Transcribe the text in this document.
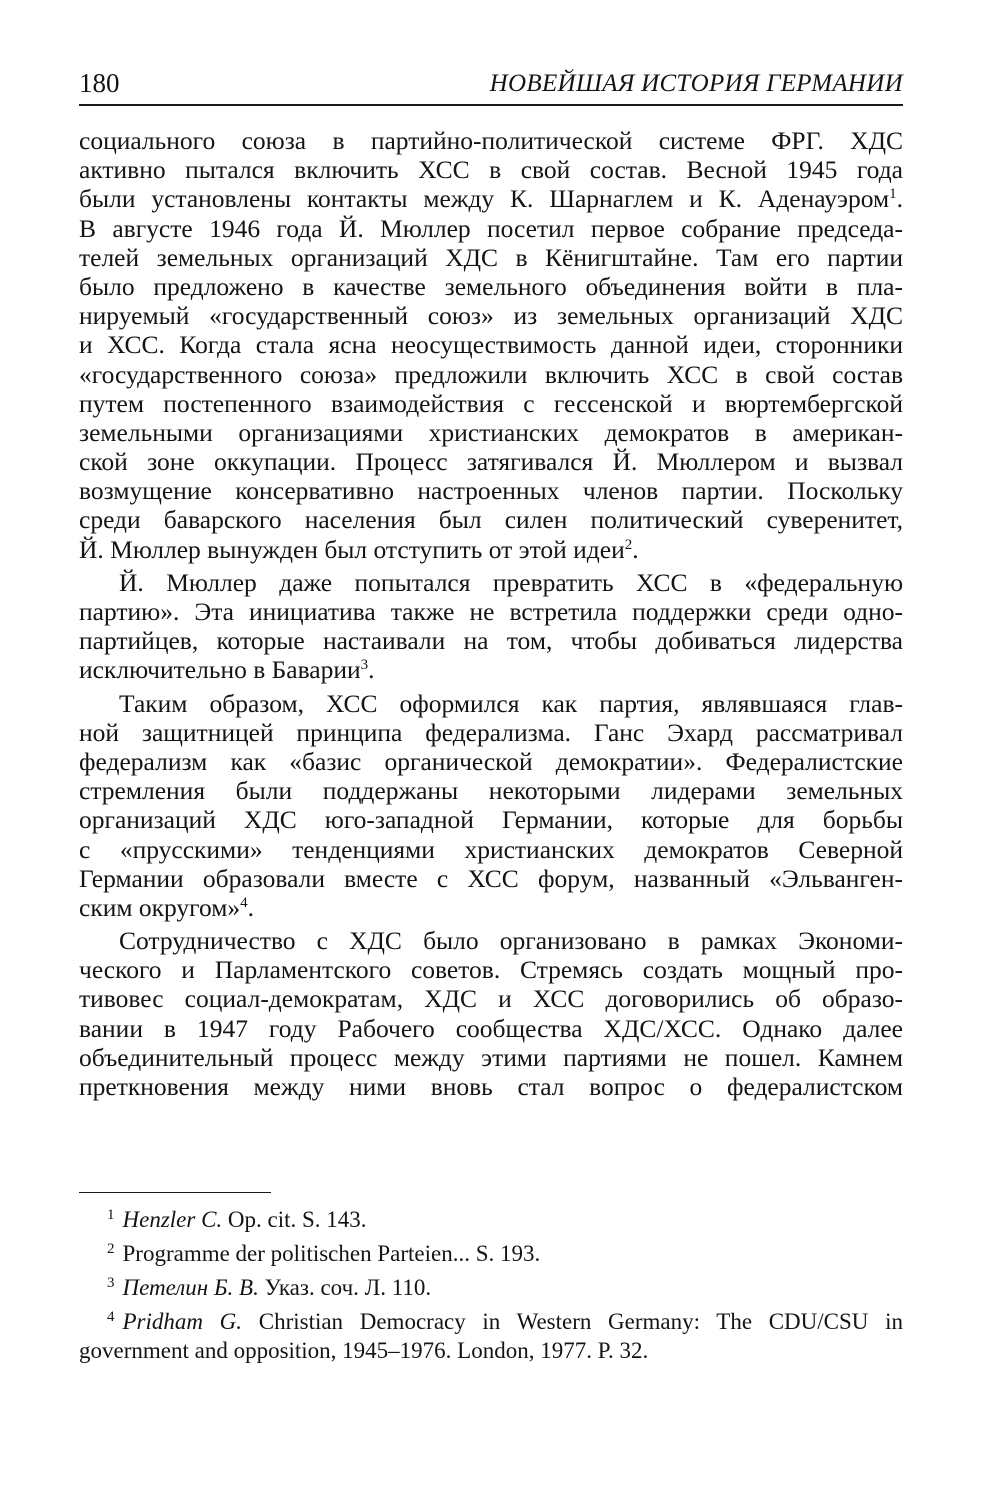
180	НОВЕЙШАЯ ИСТОРИЯ ГЕРМАНИИ
социального союза в партийно-политической системе ФРГ. ХДС
активно пытался включить ХСС в свой состав. Весной 1945 года
были установлены контакты между К. Шарнаглем и К. Аденауэром$^1$.
В августе 1946 года Й. Мюллер посетил первое собрание председа-
телей земельных организаций ХДС в Кёнигштайне. Там его партии
было предложено в качестве земельного объединения войти в пла-
нируемый «государственный союз» из земельных организаций ХДС
и ХСС. Когда стала ясна неосуществимость данной идеи, сторонники
«государственного союза» предложили включить ХСС в свой состав
путем постепенного взаимодействия с гессенской и вюртембергской
земельными организациями христианских демократов в американ-
ской зоне оккупации. Процесс затягивался Й. Мюллером и вызвал
возмущение консервативно настроенных членов партии. Поскольку
среди баварского населения был силен политический суверенитет,
Й. Мюллер вынужден был отступить от этой идеи$^2$.
Й. Мюллер даже попытался превратить ХСС в «федеральную
партию». Эта инициатива также не встретила поддержки среди одно-
партийцев, которые настаивали на том, чтобы добиваться лидерства
исключительно в Баварии$^3$.
Таким образом, ХСС оформился как партия, являвшаяся глав-
ной защитницей принципа федерализма. Ганс Эхард рассматривал
федерализм как «базис органической демократии». Федералистские
стремления были поддержаны некоторыми лидерами земельных
организаций ХДС юго-западной Германии, которые для борьбы
с «прусскими» тенденциями христианских демократов Северной
Германии образовали вместе с ХСС форум, названный «Эльванген-
ским округом»$^4$.
Сотрудничество с ХДС было организовано в рамках Экономи-
ческого и Парламентского советов. Стремясь создать мощный про-
тивовес социал-демократам, ХДС и ХСС договорились об образо-
вании в 1947 году Рабочего сообщества ХДС/ХСС. Однако далее
объединительный процесс между этими партиями не пошел. Камнем
преткновения между ними вновь стал вопрос о федералистском
$^1$ Henzler C. Op. cit. S. 143.
$^2$ Programme der politischen Parteien... S. 193.
$^3$ Петелин Б. В. Указ. соч. Л. 110.
$^4$ Pridham G. Christian Democracy in Western Germany: The CDU/CSU in
government and opposition, 1945–1976. London, 1977. P. 32.
